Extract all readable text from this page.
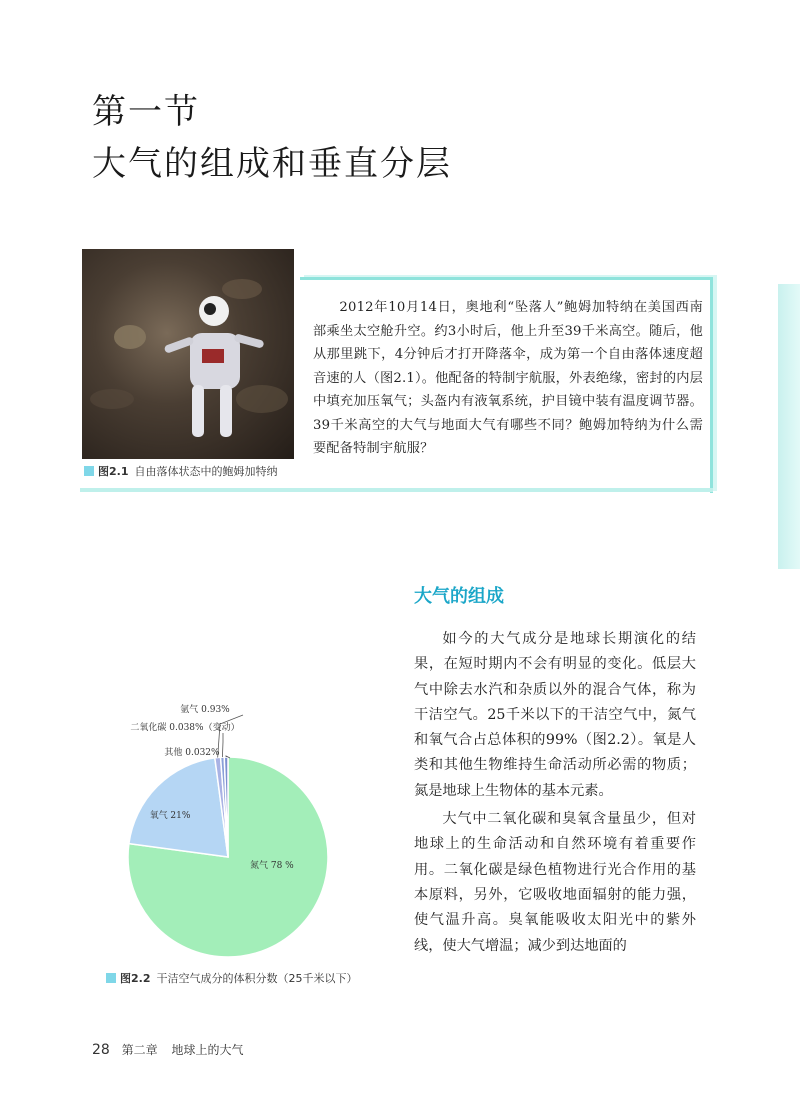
第一节
大气的组成和垂直分层
图2.1 自由落体状态中的鲍姆加特纳
2012年10月14日，奥地利“坠落人”鲍姆加特纳在美国西南部乘坐太空舱升空。约3小时后，他上升至39千米高空。随后，他从那里跳下，4分钟后才打开降落伞，成为第一个自由落体速度超音速的人（图2.1）。他配备的特制宇航服，外表绝缘，密封的内层中填充加压氧气；头盔内有液氧系统，护目镜中装有温度调节器。39千米高空的大气与地面大气有哪些不同？鲍姆加特纳为什么需要配备特制宇航服？
大气的组成

如今的大气成分是地球长期演化的结果，在短时期内不会有明显的变化。低层大气中除去水汽和杂质以外的混合气体，称为干洁空气。25千米以下的干洁空气中，氮气和氧气合占总体积的99%（图2.2）。氧是人类和其他生物维持生命活动所必需的物质；氮是地球上生物体的基本元素。

大气中二氧化碳和臭氧含量虽少，但对地球上的生命活动和自然环境有着重要作用。二氧化碳是绿色植物进行光合作用的基本原料，另外，它吸收地面辐射的能力强，使气温升高。臭氧能吸收太阳光中的紫外线，使大气增温；减少到达地面的

氮气 78 %
氧气 21%
氩气 0.93%
二氧化碳 0.038%（变动）
其他 0.032%
图2.2 干洁空气成分的体积分数（25千米以下）
28 第二章 地球上的大气
